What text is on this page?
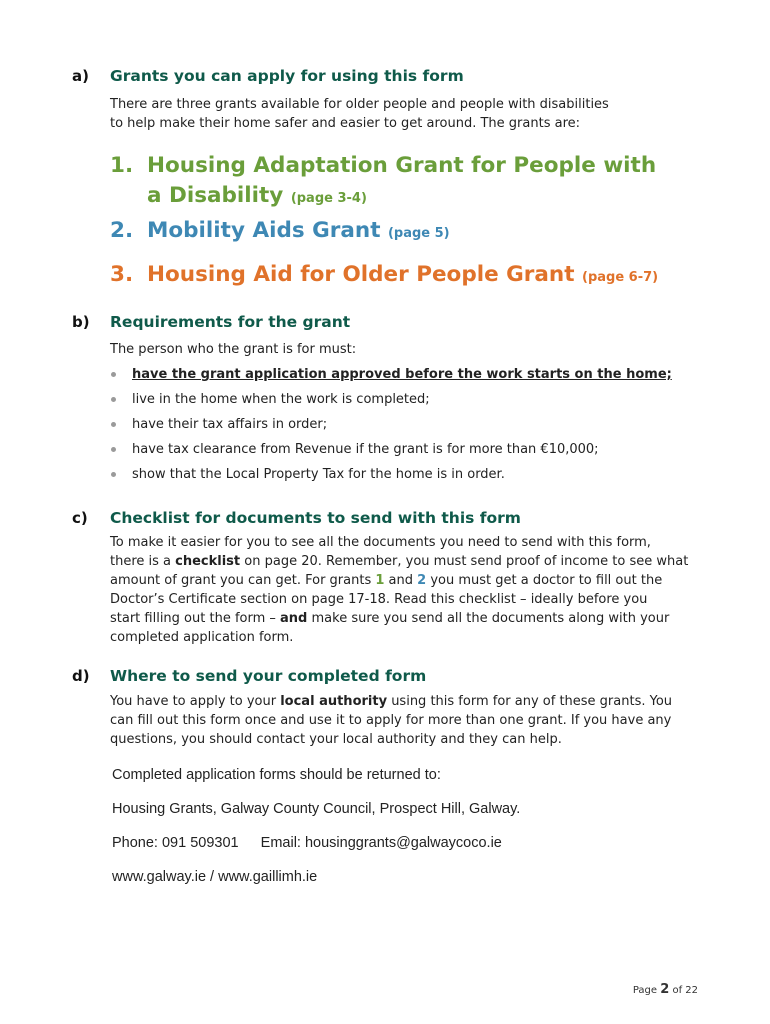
a) Grants you can apply for using this form
There are three grants available for older people and people with disabilities
to help make their home safer and easier to get around. The grants are:
1. Housing Adaptation Grant for People with
a Disability (page 3-4)
2. Mobility Aids Grant (page 5)
3. Housing Aid for Older People Grant (page 6-7)
b) Requirements for the grant
The person who the grant is for must:
have the grant application approved before the work starts on the home;
live in the home when the work is completed;
have their tax affairs in order;
have tax clearance from Revenue if the grant is for more than €10,000;
show that the Local Property Tax for the home is in order.
c) Checklist for documents to send with this form
To make it easier for you to see all the documents you need to send with this form,
there is a checklist on page 20. Remember, you must send proof of income to see what
amount of grant you can get. For grants 1 and 2 you must get a doctor to fill out the
Doctor’s Certificate section on page 17-18. Read this checklist – ideally before you
start filling out the form – and make sure you send all the documents along with your
completed application form.
d) Where to send your completed form
You have to apply to your local authority using this form for any of these grants. You
can fill out this form once and use it to apply for more than one grant. If you have any
questions, you should contact your local authority and they can help.
Completed application forms should be returned to:
Housing Grants, Galway County Council, Prospect Hill, Galway.
Phone: 091 509301 Email: housinggrants@galwaycoco.ie
www.galway.ie / www.gaillimh.ie
Page 2 of 22
